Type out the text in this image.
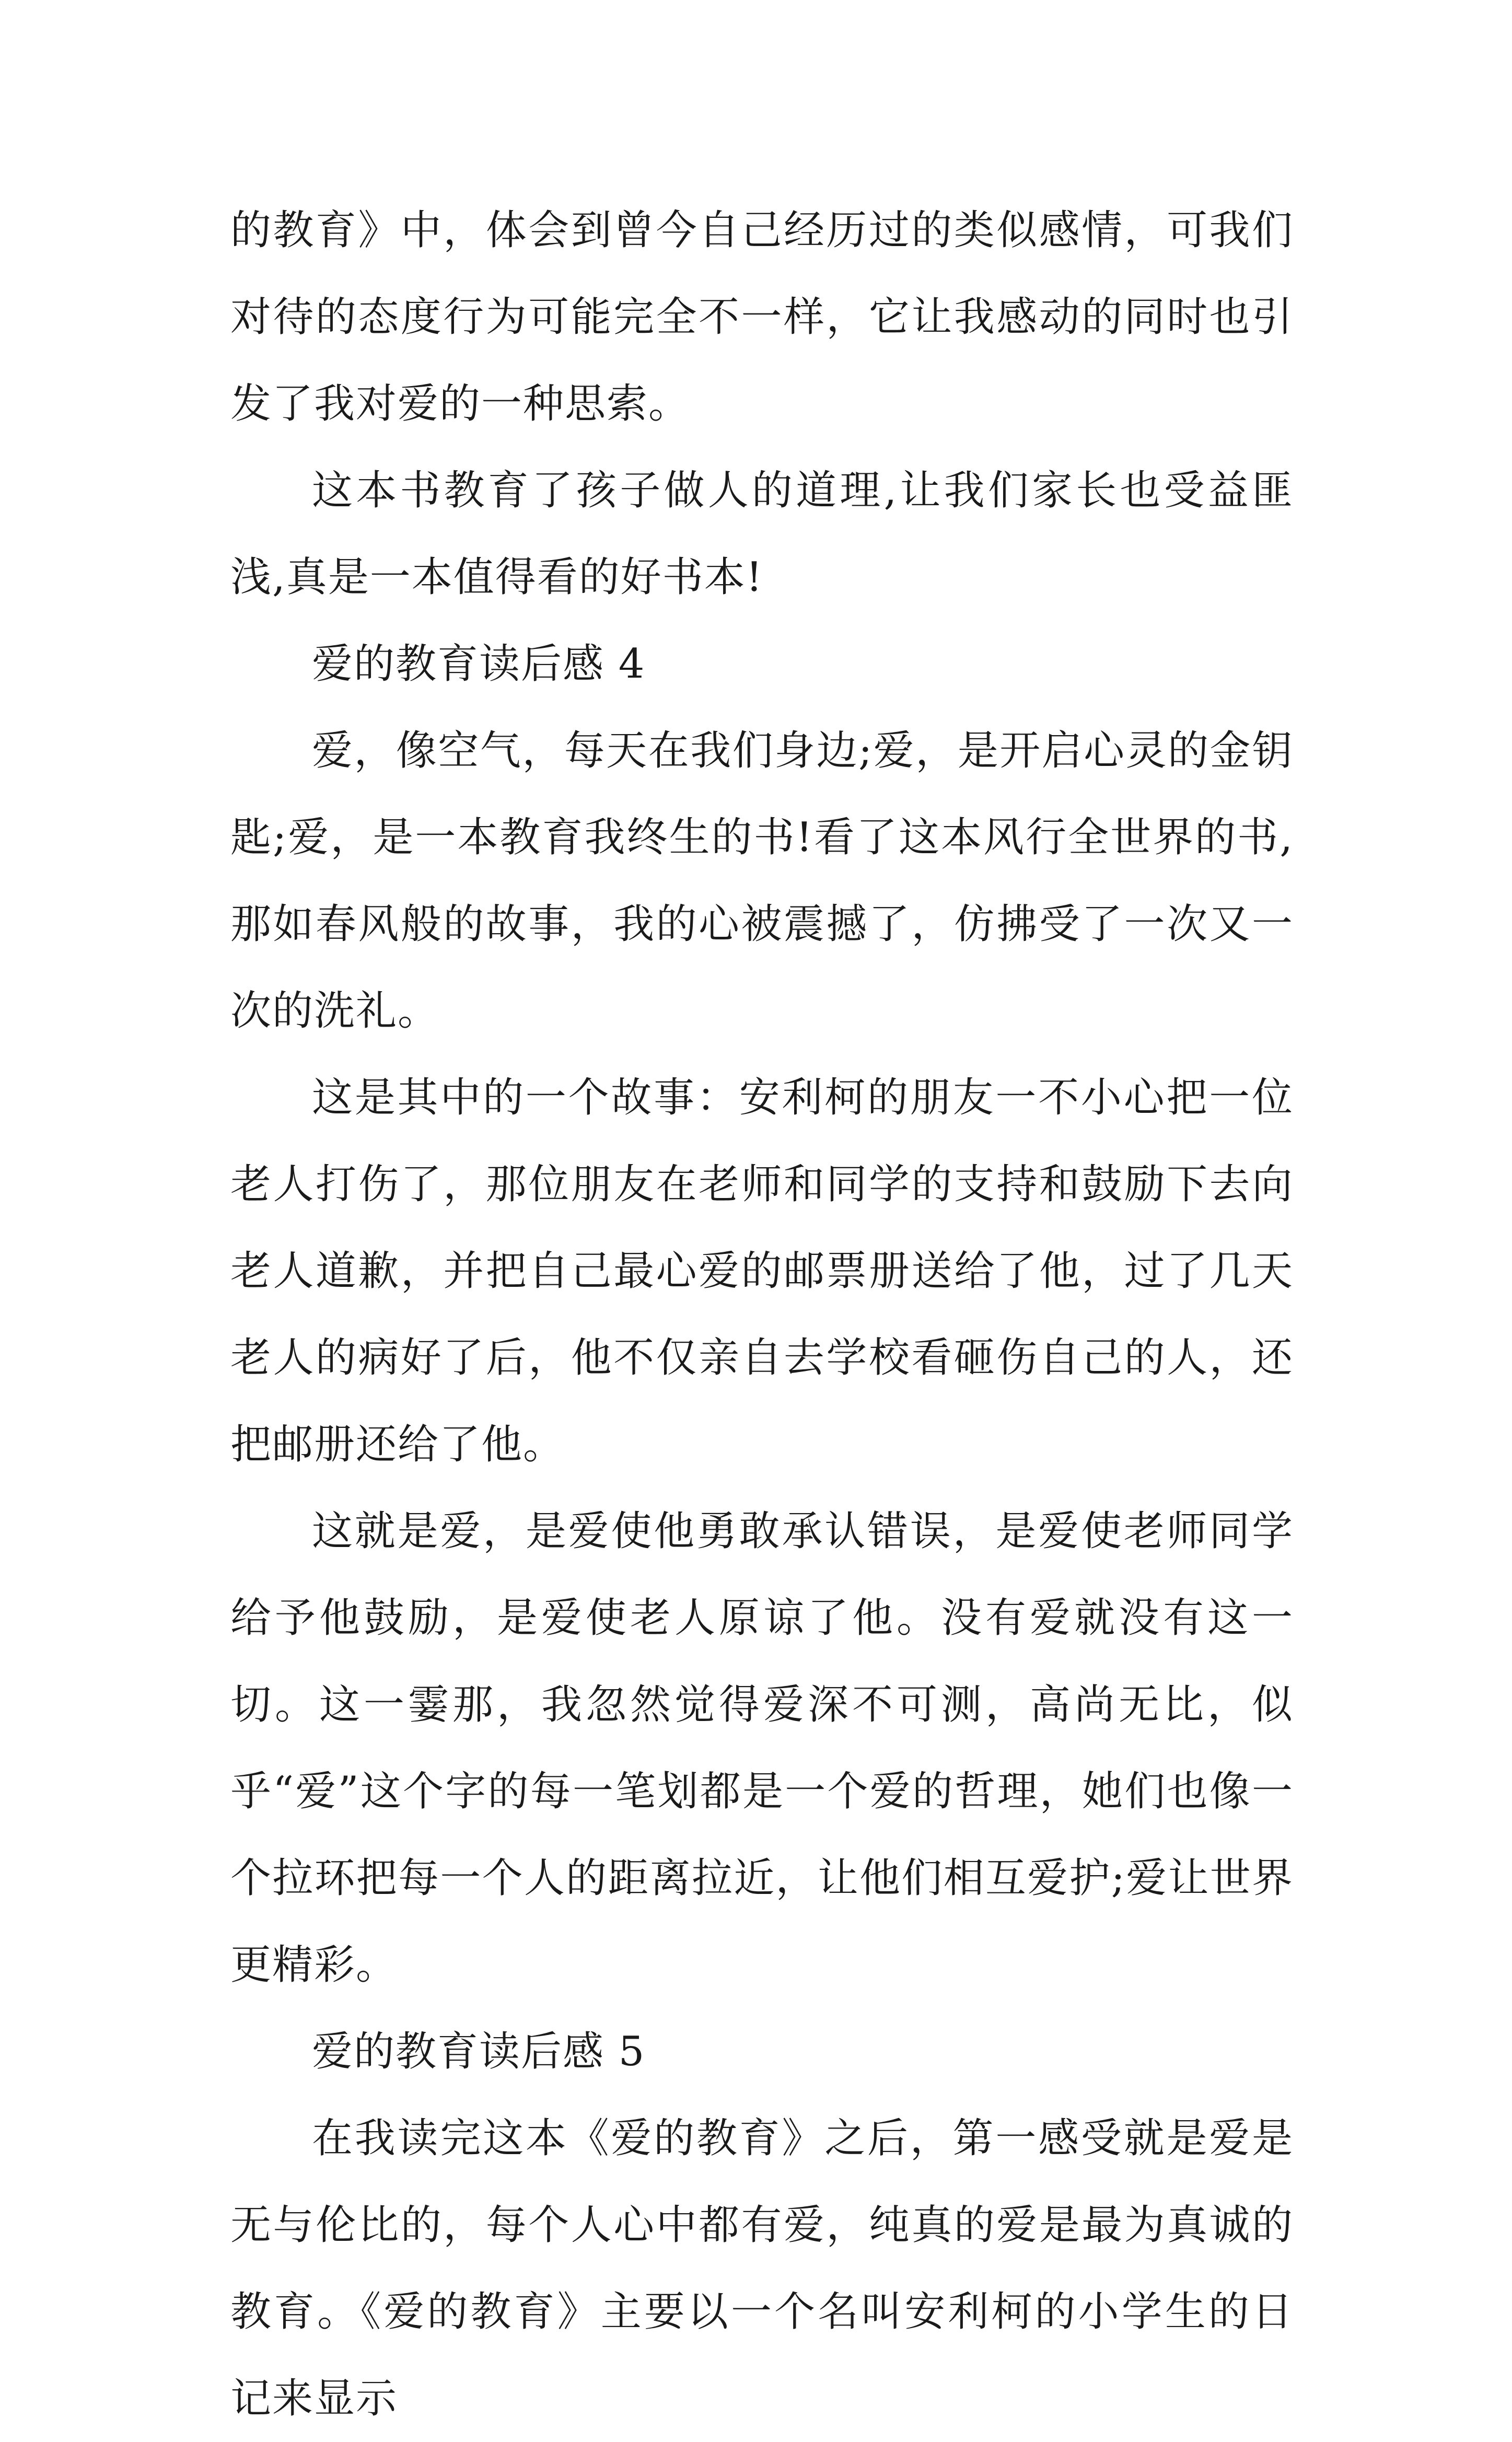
的教育》中，体会到曾今自己经历过的类似感情，可我们对待的态度行为可能完全不一样，它让我感动的同时也引发了我对爱的一种思索。

这本书教育了孩子做人的道理,让我们家长也受益匪浅,真是一本值得看的好书本!

爱的教育读后感 4

爱，像空气，每天在我们身边;爱，是开启心灵的金钥匙;爱，是一本教育我终生的书!看了这本风行全世界的书,那如春风般的故事，我的心被震撼了，仿拂受了一次又一次的洗礼。

这是其中的一个故事：安利柯的朋友一不小心把一位老人打伤了，那位朋友在老师和同学的支持和鼓励下去向老人道歉，并把自己最心爱的邮票册送给了他，过了几天老人的病好了后，他不仅亲自去学校看砸伤自己的人，还把邮册还给了他。

这就是爱，是爱使他勇敢承认错误，是爱使老师同学给予他鼓励，是爱使老人原谅了他。没有爱就没有这一切。这一霎那，我忽然觉得爱深不可测，高尚无比，似乎“爱”这个字的每一笔划都是一个爱的哲理，她们也像一个拉环把每一个人的距离拉近，让他们相互爱护;爱让世界更精彩。

爱的教育读后感 5

在我读完这本《爱的教育》之后，第一感受就是爱是无与伦比的，每个人心中都有爱，纯真的爱是最为真诚的教育。《爱的教育》主要以一个名叫安利柯的小学生的日记来显示
